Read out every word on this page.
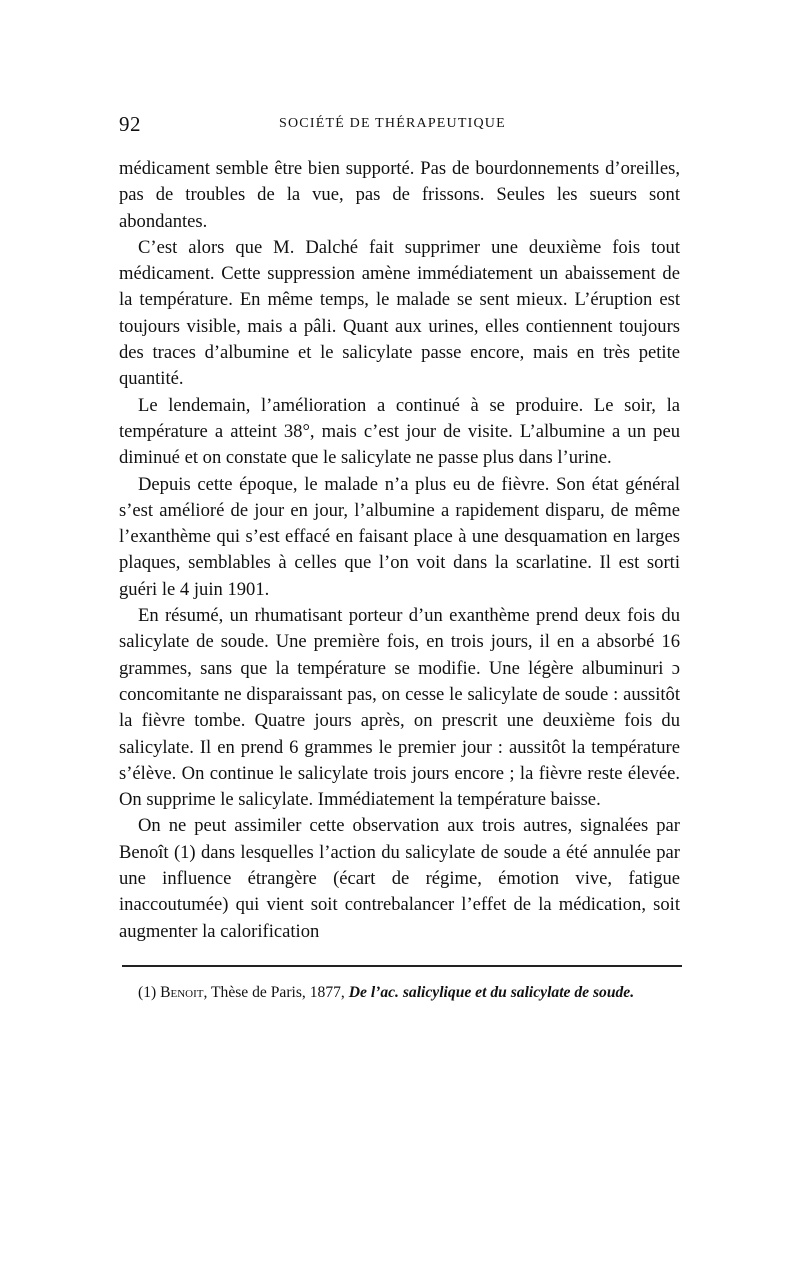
92	SOCIÉTÉ DE THÉRAPEUTIQUE

médicament semble être bien supporté. Pas de bourdonnements d’oreilles, pas de troubles de la vue, pas de frissons. Seules les sueurs sont abondantes.

C’est alors que M. Dalché fait supprimer une deuxième fois tout médicament. Cette suppression amène immédiatement un abaissement de la température. En même temps, le malade se sent mieux. L’éruption est toujours visible, mais a pâli. Quant aux urines, elles contiennent toujours des traces d’albumine et le salicylate passe encore, mais en très petite quantité.

Le lendemain, l’amélioration a continué à se produire. Le soir, la température a atteint 38°, mais c’est jour de visite. L’albumine a un peu diminué et on constate que le salicylate ne passe plus dans l’urine.

Depuis cette époque, le malade n’a plus eu de fièvre. Son état général s’est amélioré de jour en jour, l’albumine a rapidement disparu, de même l’exanthème qui s’est effacé en faisant place à une desquamation en larges plaques, semblables à celles que l’on voit dans la scarlatine. Il est sorti guéri le 4 juin 1901.

En résumé, un rhumatisant porteur d’un exanthème prend deux fois du salicylate de soude. Une première fois, en trois jours, il en a absorbé 16 grammes, sans que la température se modifie. Une légère albuminuri ɔ concomitante ne disparaissant pas, on cesse le salicylate de soude : aussitôt la fièvre tombe. Quatre jours après, on prescrit une deuxième fois du salicylate. Il en prend 6 grammes le premier jour : aussitôt la température s’élève. On continue le salicylate trois jours encore ; la fièvre reste élevée. On supprime le salicylate. Immédiatement la température baisse.

On ne peut assimiler cette observation aux trois autres, signalées par Benoît (1) dans lesquelles l’action du salicylate de soude a été annulée par une influence étrangère (écart de régime, émotion vive, fatigue inaccoutumée) qui vient soit contrebalancer l’effet de la médication, soit augmenter la calorification

(1) Benoit, Thèse de Paris, 1877, De l’ac. salicylique et du salicylate de soude.
